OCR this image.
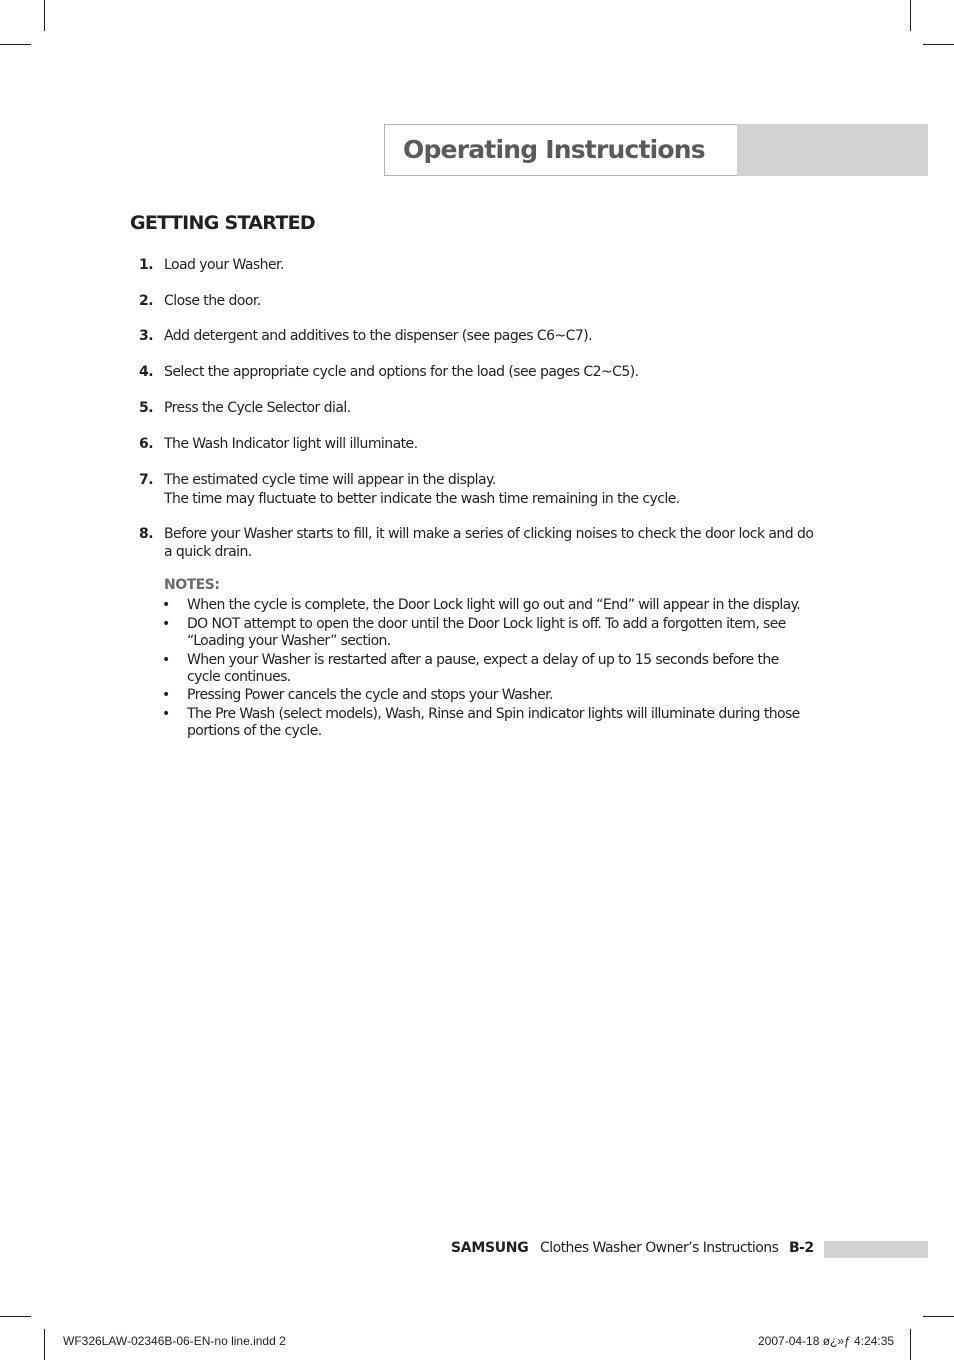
Operating Instructions
GETTING STARTED
1. Load your Washer.
2. Close the door.
3. Add detergent and additives to the dispenser (see pages C6~C7).
4. Select the appropriate cycle and options for the load (see pages C2~C5).
5. Press the Cycle Selector dial.
6. The Wash Indicator light will illuminate.
7. The estimated cycle time will appear in the display.
The time may fluctuate to better indicate the wash time remaining in the cycle.
8. Before your Washer starts to fill, it will make a series of clicking noises to check the door lock and do
a quick drain.
NOTES:
• When the cycle is complete, the Door Lock light will go out and “End” will appear in the display.
• DO NOT attempt to open the door until the Door Lock light is off. To add a forgotten item, see
“Loading your Washer” section.
• When your Washer is restarted after a pause, expect a delay of up to 15 seconds before the
cycle continues.
• Pressing Power cancels the cycle and stops your Washer.
• The Pre Wash (select models), Wash, Rinse and Spin indicator lights will illuminate during those
portions of the cycle.
SAMSUNG Clothes Washer Owner’s Instructions B-2
WF326LAW-02346B-06-EN-no line.indd 2	2007-04-18 ø¿»ƒ 4:24:35
